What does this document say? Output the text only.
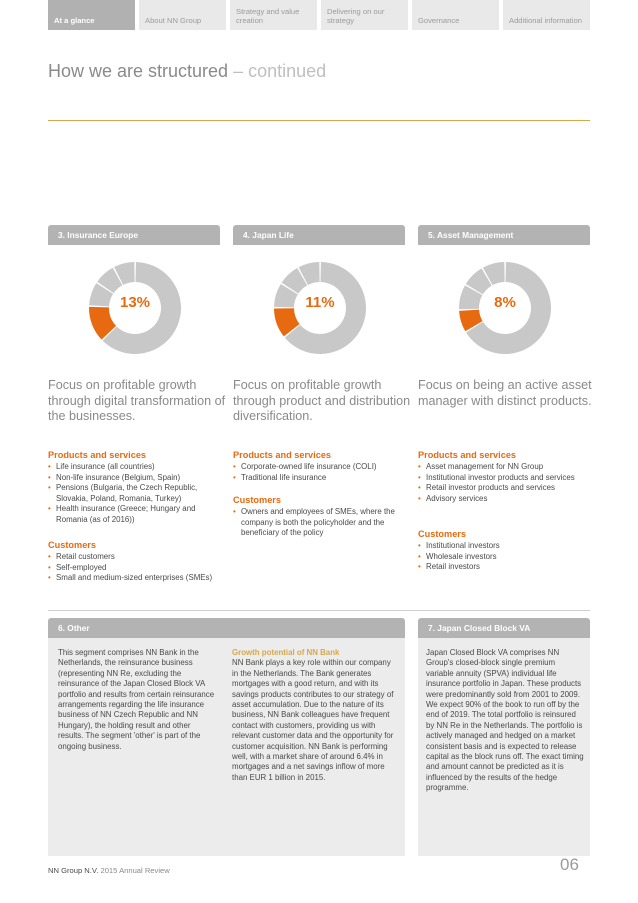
At a glance	About NN Group
Strategy and value creation
Delivering on our strategy	Governance	Additional information
How we are structured – continued
3. Insurance Europe
13%
Focus on profitable growth through digital transformation of the businesses.
Products and services
• Life insurance (all countries)
• Non-life insurance (Belgium, Spain)
• Pensions (Bulgaria, the Czech Republic, Slovakia, Poland, Romania, Turkey)
• Health insurance (Greece; Hungary and Romania (as of 2016))
Customers
• Retail customers
• Self-employed
• Small and medium-sized enterprises (SMEs)
4. Japan Life
11%
Focus on profitable growth through product and distribution diversification.
Products and services
• Corporate-owned life insurance (COLI)
• Traditional life insurance
Customers
• Owners and employees of SMEs, where the company is both the policyholder and the beneficiary of the policy
5. Asset Management
8%
Focus on being an active asset manager with distinct products.
Products and services
• Asset management for NN Group
• Institutional investor products and services
• Retail investor products and services
• Advisory services
Customers
• Institutional investors
• Wholesale investors
• Retail investors
6. Other
This segment comprises NN Bank in the Netherlands, the reinsurance business (representing NN Re, excluding the reinsurance of the Japan Closed Block VA portfolio and results from certain reinsurance arrangements regarding the life insurance business of NN Czech Republic and NN Hungary), the holding result and other results. The segment 'other' is part of the ongoing business.
Growth potential of NN Bank
NN Bank plays a key role within our company in the Netherlands. The Bank generates mortgages with a good return, and with its savings products contributes to our strategy of asset accumulation. Due to the nature of its business, NN Bank colleagues have frequent contact with customers, providing us with relevant customer data and the opportunity for customer acquisition. NN Bank is performing well, with a market share of around 6.4% in mortgages and a net savings inflow of more than EUR 1 billion in 2015.
7. Japan Closed Block VA
Japan Closed Block VA comprises NN Group's closed-block single premium variable annuity (SPVA) individual life insurance portfolio in Japan. These products were predominantly sold from 2001 to 2009. We expect 90% of the book to run off by the end of 2019. The total portfolio is reinsured by NN Re in the Netherlands. The portfolio is actively managed and hedged on a market consistent basis and is expected to release capital as the block runs off. The exact timing and amount cannot be predicted as it is influenced by the results of the hedge programme.
NN Group N.V. 2015 Annual Review	06
